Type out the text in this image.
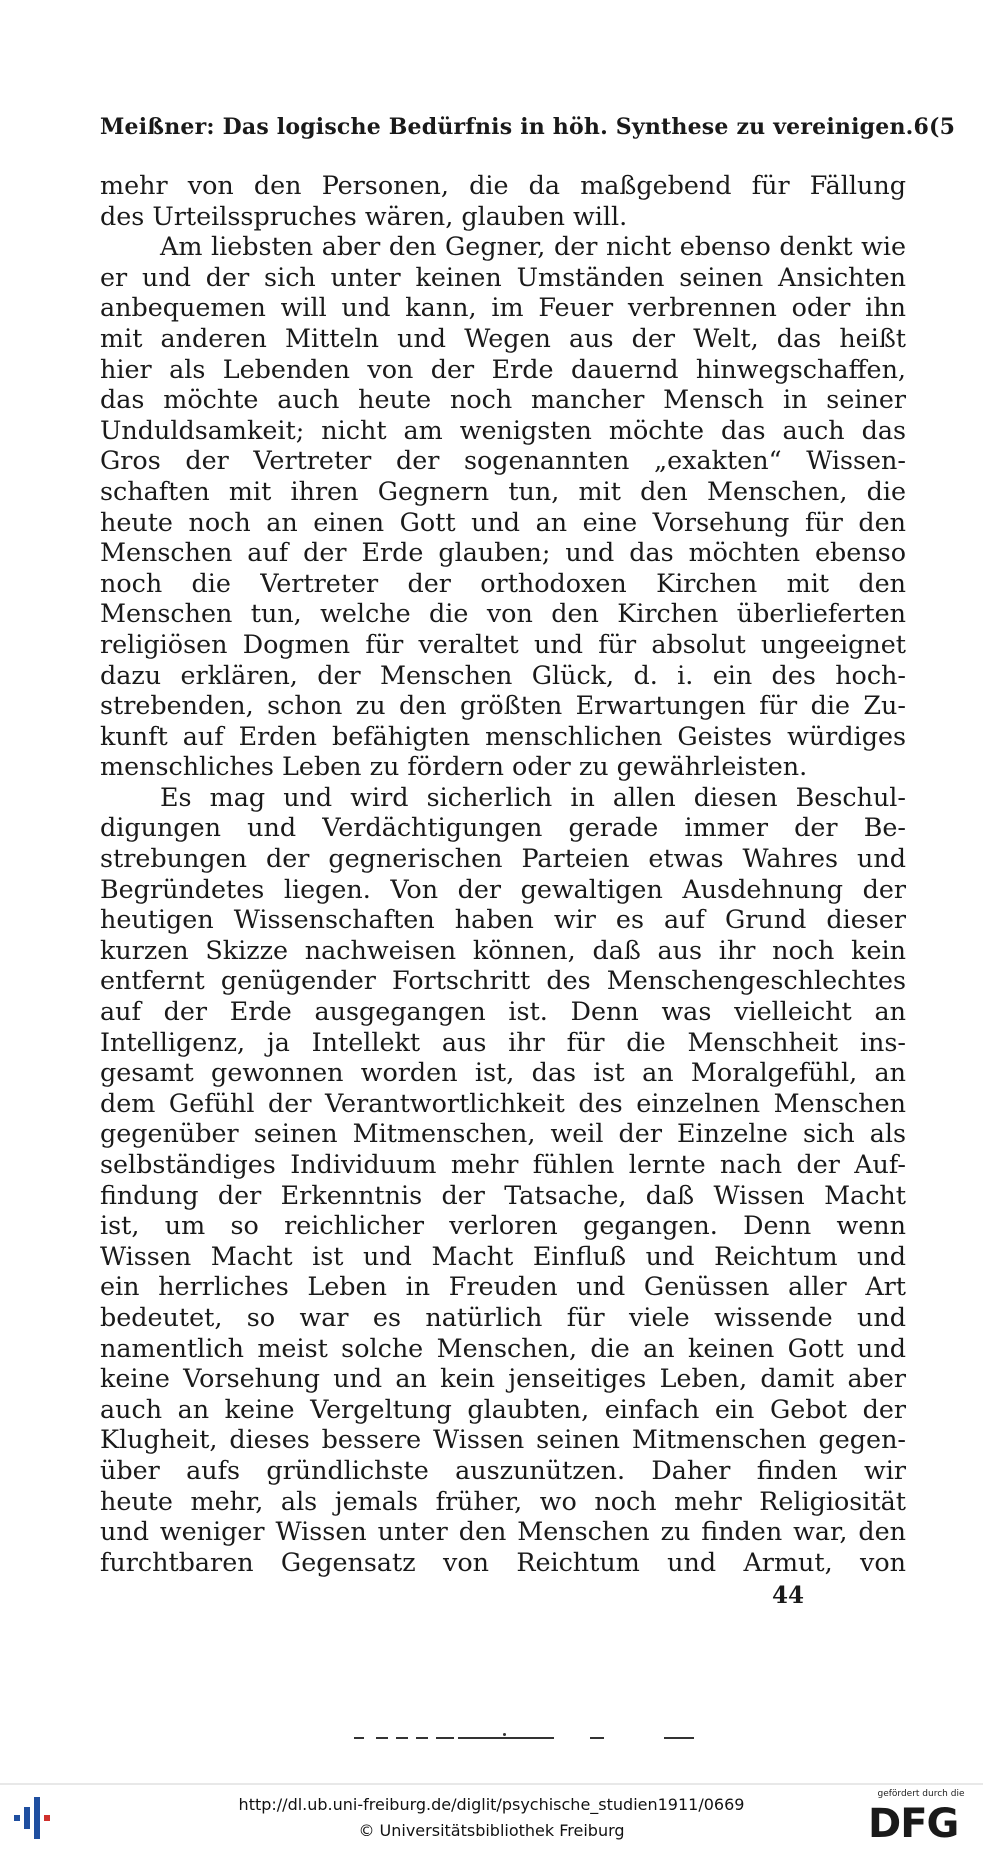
Meißner: Das logische Bedürfnis in höh. Synthese zu vereinigen. 6(5
mehr von den Personen, die da maßgebend für Fällung
des Urteilsspruches wären, glauben will.
Am liebsten aber den Gegner, der nicht ebenso denkt wie
er und der sich unter keinen Umständen seinen Ansichten
anbequemen will und kann, im Feuer verbrennen oder ihn
mit anderen Mitteln und Wegen aus der Welt, das heißt
hier als Lebenden von der Erde dauernd hinwegschaffen,
das möchte auch heute noch mancher Mensch in seiner
Unduldsamkeit; nicht am wenigsten möchte das auch das
Gros der Vertreter der sogenannten „exakten“ Wissen-
schaften mit ihren Gegnern tun, mit den Menschen, die
heute noch an einen Gott und an eine Vorsehung für den
Menschen auf der Erde glauben; und das möchten ebenso
noch die Vertreter der orthodoxen Kirchen mit den
Menschen tun, welche die von den Kirchen überlieferten
religiösen Dogmen für veraltet und für absolut ungeeignet
dazu erklären, der Menschen Glück, d. i. ein des hoch-
strebenden, schon zu den größten Erwartungen für die Zu-
kunft auf Erden befähigten menschlichen Geistes würdiges
menschliches Leben zu fördern oder zu gewährleisten.
Es mag und wird sicherlich in allen diesen Beschul-
digungen und Verdächtigungen gerade immer der Be-
strebungen der gegnerischen Parteien etwas Wahres und
Begründetes liegen. Von der gewaltigen Ausdehnung der
heutigen Wissenschaften haben wir es auf Grund dieser
kurzen Skizze nachweisen können, daß aus ihr noch kein
entfernt genügender Fortschritt des Menschengeschlechtes
auf der Erde ausgegangen ist. Denn was vielleicht an
Intelligenz, ja Intellekt aus ihr für die Menschheit ins-
gesamt gewonnen worden ist, das ist an Moralgefühl, an
dem Gefühl der Verantwortlichkeit des einzelnen Menschen
gegenüber seinen Mitmenschen, weil der Einzelne sich als
selbständiges Individuum mehr fühlen lernte nach der Auf-
findung der Erkenntnis der Tatsache, daß Wissen Macht
ist, um so reichlicher verloren gegangen. Denn wenn
Wissen Macht ist und Macht Einfluß und Reichtum und
ein herrliches Leben in Freuden und Genüssen aller Art
bedeutet, so war es natürlich für viele wissende und
namentlich meist solche Menschen, die an keinen Gott und
keine Vorsehung und an kein jenseitiges Leben, damit aber
auch an keine Vergeltung glaubten, einfach ein Gebot der
Klugheit, dieses bessere Wissen seinen Mitmenschen gegen-
über aufs gründlichste auszunützen. Daher finden wir
heute mehr, als jemals früher, wo noch mehr Religiosität
und weniger Wissen unter den Menschen zu finden war, den
furchtbaren Gegensatz von Reichtum und Armut, von
44
http://dl.ub.uni-freiburg.de/diglit/psychische_studien1911/0669
© Universitätsbibliothek Freiburg
gefördert durch die
DFG
